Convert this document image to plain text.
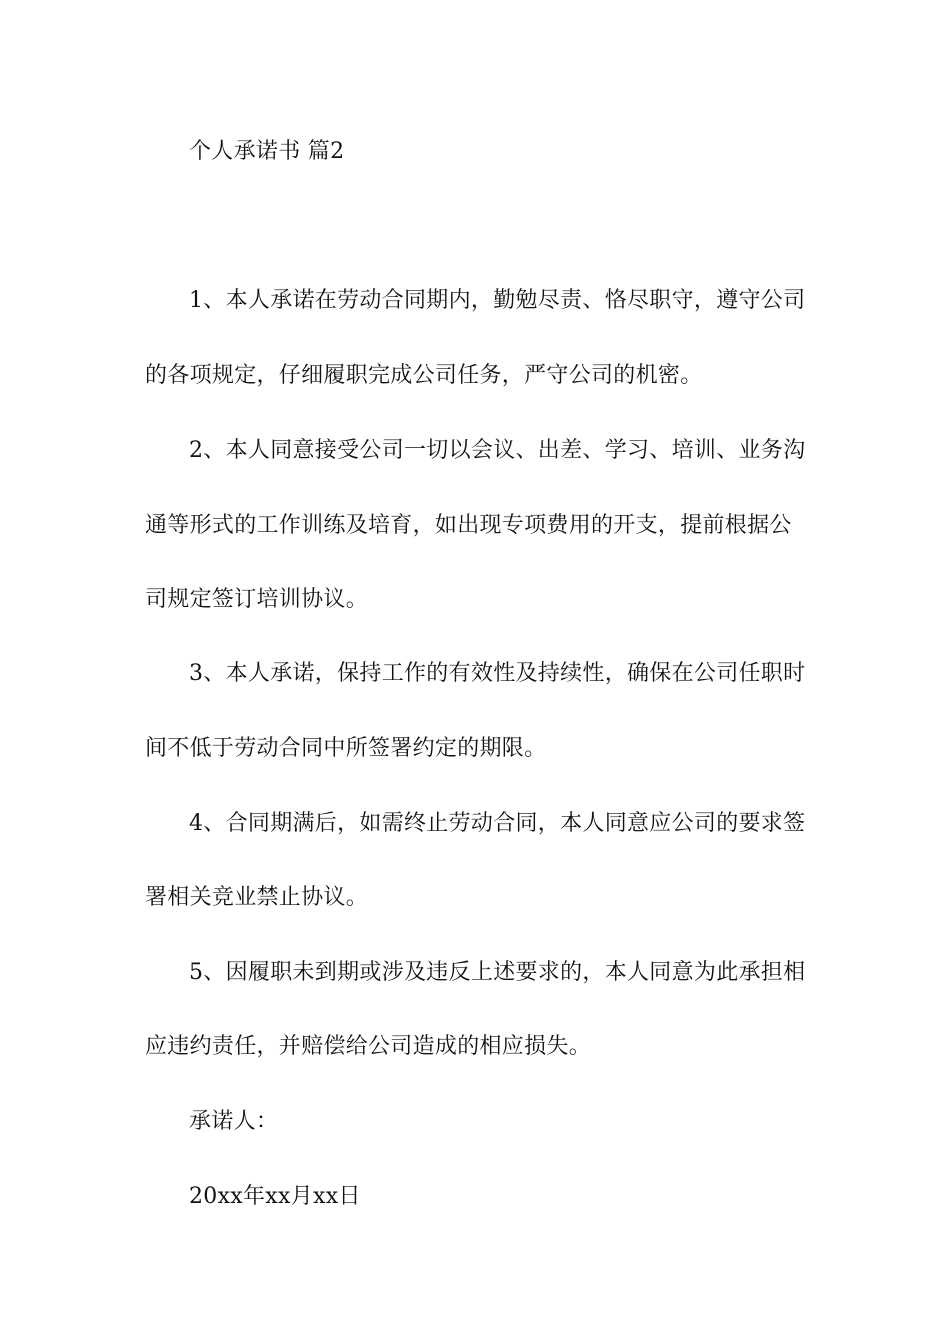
个人承诺书 篇2
1、本人承诺在劳动合同期内，勤勉尽责、恪尽职守，遵守公司
的各项规定，仔细履职完成公司任务，严守公司的机密。
2、本人同意接受公司一切以会议、出差、学习、培训、业务沟
通等形式的工作训练及培育，如出现专项费用的开支，提前根据公
司规定签订培训协议。
3、本人承诺，保持工作的有效性及持续性，确保在公司任职时
间不低于劳动合同中所签署约定的期限。
4、合同期满后，如需终止劳动合同，本人同意应公司的要求签
署相关竞业禁止协议。
5、因履职未到期或涉及违反上述要求的，本人同意为此承担相
应违约责任，并赔偿给公司造成的相应损失。
承诺人：
20xx年xx月xx日
